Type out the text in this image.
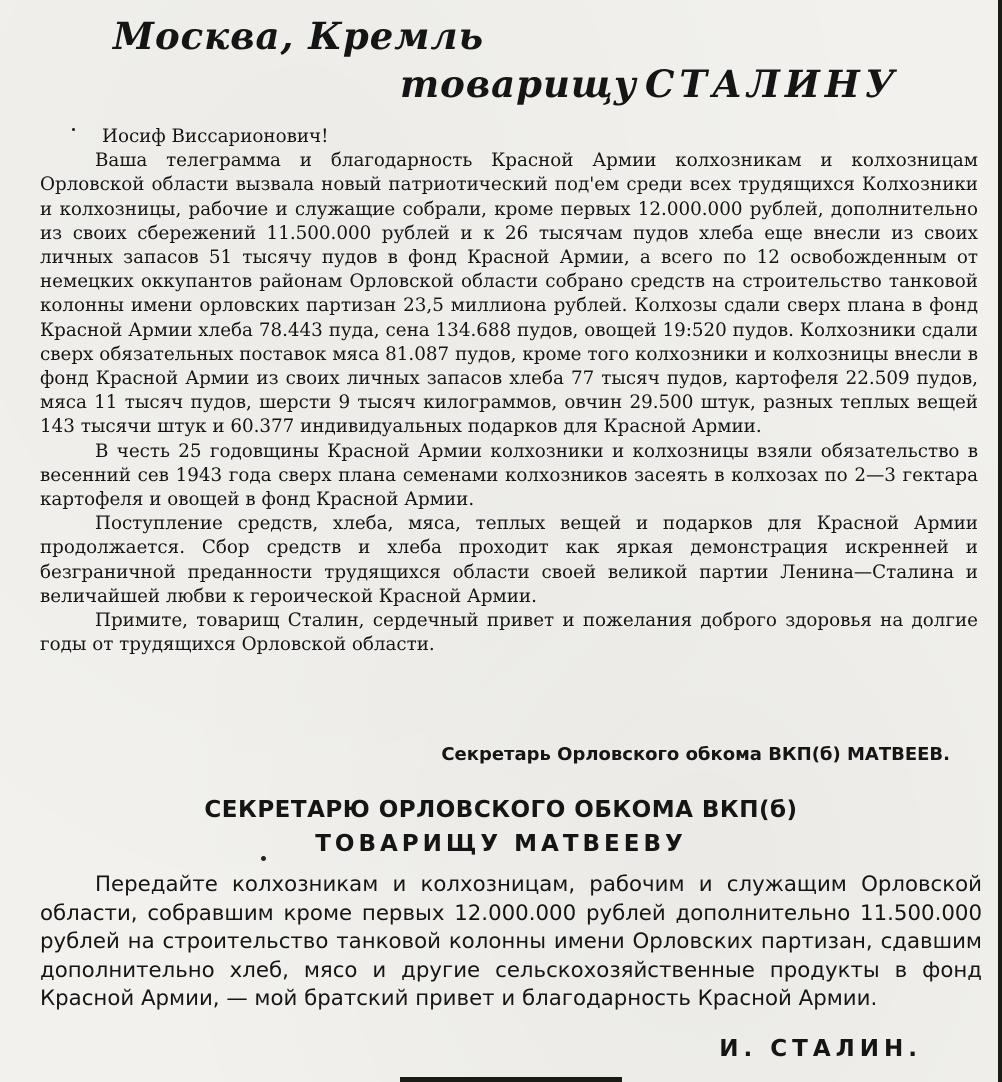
Москва, Кремль
товарищу СТАЛИНУ

Иосиф Виссарионович!

Ваша телеграмма и благодарность Красной Армии колхозникам и колхозницам Орловской области вызвала новый патриотический под'ем среди всех трудящихся Колхозники и колхозницы, рабочие и служащие собрали, кроме первых 12.000.000 рублей, дополнительно из своих сбережений 11.500.000 рублей и к 26 тысячам пудов хлеба еще внесли из своих личных запасов 51 тысячу пудов в фонд Красной Армии, а всего по 12 освобожденным от немецких оккупантов районам Орловской области собрано средств на строительство танковой колонны имени орловских партизан 23,5 миллиона рублей. Колхозы сдали сверх плана в фонд Красной Армии хлеба 78.443 пуда, сена 134.688 пудов, овощей 19:520 пудов. Колхозники сдали сверх обязательных поставок мяса 81.087 пудов, кроме того колхозники и колхозницы внесли в фонд Красной Армии из своих личных запасов хлеба 77 тысяч пудов, картофеля 22.509 пудов, мяса 11 тысяч пудов, шерсти 9 тысяч килограммов, овчин 29.500 штук, разных теплых вещей 143 тысячи штук и 60.377 индивидуальных подарков для Красной Армии.

В честь 25 годовщины Красной Армии колхозники и колхозницы взяли обязательство в весенний сев 1943 года сверх плана семенами колхозников засеять в колхозах по 2—3 гектара картофеля и овощей в фонд Красной Армии.

Поступление средств, хлеба, мяса, теплых вещей и подарков для Красной Армии продолжается. Сбор средств и хлеба проходит как яркая демонстрация искренней и безграничной преданности трудящихся области своей великой партии Ленина—Сталина и величайшей любви к героической Красной Армии.

Примите, товарищ Сталин, сердечный привет и пожелания доброго здоровья на долгие годы от трудящихся Орловской области.

Секретарь Орловского обкома ВКП(б) МАТВЕЕВ.
СЕКРЕТАРЮ ОРЛОВСКОГО ОБКОМА ВКП(б)
ТОВАРИЩУ МАТВЕЕВУ

Передайте колхозникам и колхозницам, рабочим и служащим Орловской области, собравшим кроме первых 12.000.000 рублей дополнительно 11.500.000 рублей на строительство танковой колонны имени Орловских партизан, сдавшим дополнительно хлеб, мясо и другие сельскохозяйственные продукты в фонд Красной Армии, — мой братский привет и благодарность Красной Армии.

И. СТАЛИН.
